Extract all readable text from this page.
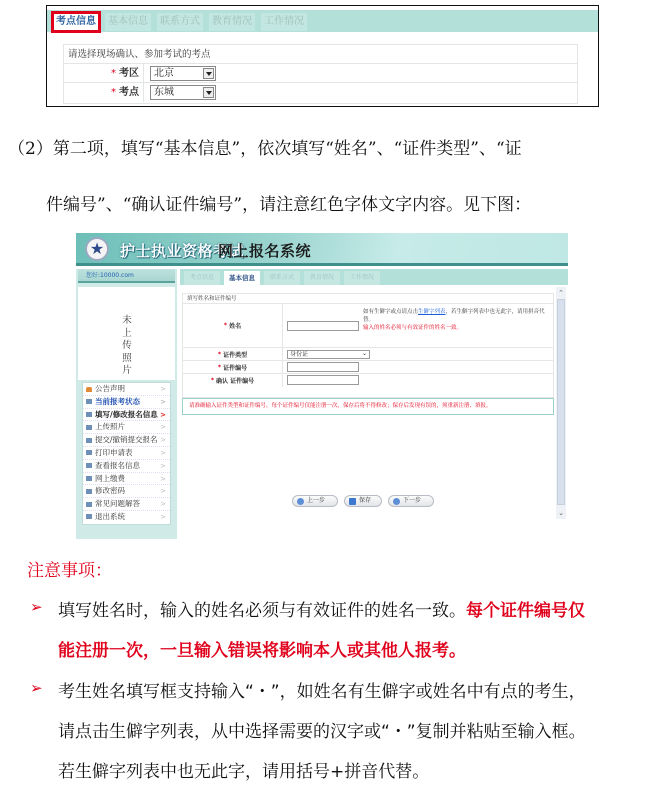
考点信息	基本信息	联系方式	教育情况	工作情况
请选择现场确认、参加考试的考点
* 考区	北京
* 考点	东城
（2）第二项，填写“基本信息”，依次填写“姓名”、“证件类型”、“证
件编号”、“确认证件编号”，请注意红色字体文字内容。见下图：
★	护士执业资格考试
网上报名系统
您好:10000.com
未
上
传
照
片
公告声明	>
当前报考状态	>
填写/修改报名信息 >
上传照片	>
提交/撤销提交报名 >
打印申请表	>
查看报名信息	>
网上缴费	>
修改密码	>
常见问题解答	>
退出系统	>
考点信息	基本信息	联系方式	教育情况	工作情况
填写姓名和证件编号
* 姓名
如有生僻字或点请点击生僻字列表，若生僻字列表中也无此字，请用拼音代替。
输入的姓名必须与有效证件的姓名一致。
* 证件类型	身份证	⌄
* 证件编号
* 确认 证件编号
请准确输入证件类型和证件编号，每个证件编号仅能注册一次，保存后将不得修改；保存后发现有误的，须重新注册、填报。
⌃
⌄
上一步	保存	下一步
注意事项：
➢ 填写姓名时，输入的姓名必须与有效证件的姓名一致。每个证件编号仅
能注册一次，一旦输入错误将影响本人或其他人报考。
➢ 考生姓名填写框支持输入“・”，如姓名有生僻字或姓名中有点的考生，
请点击生僻字列表，从中选择需要的汉字或“・”复制并粘贴至输入框。
若生僻字列表中也无此字，请用括号+拼音代替。
